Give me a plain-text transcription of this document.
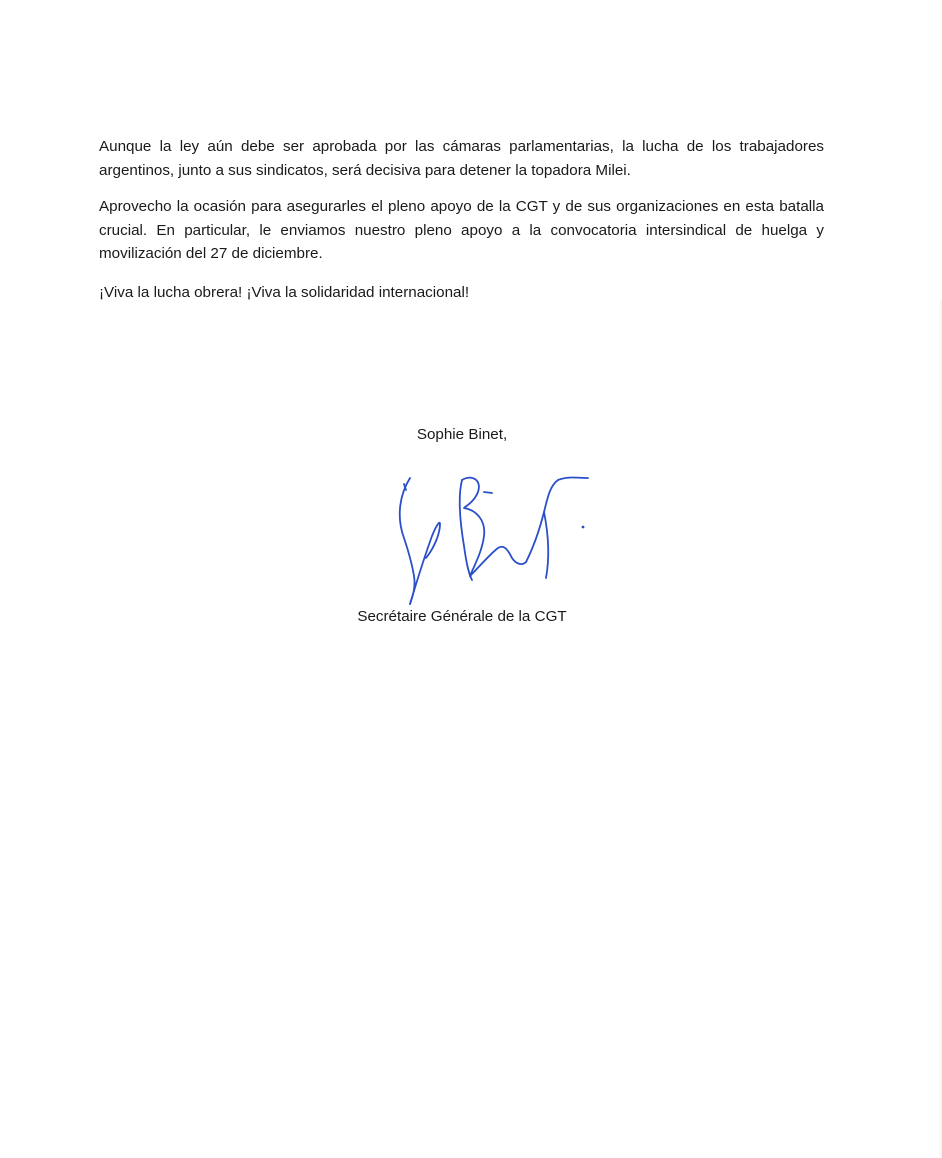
Aunque la ley aún debe ser aprobada por las cámaras parlamentarias, la lucha de los trabajadores argentinos, junto a sus sindicatos, será decisiva para detener la topadora Milei.

Aprovecho la ocasión para asegurarles el pleno apoyo de la CGT y de sus organizaciones en esta batalla crucial. En particular, le enviamos nuestro pleno apoyo a la convocatoria intersindical de huelga y movilización del 27 de diciembre.

¡Viva la lucha obrera! ¡Viva la solidaridad internacional!

Sophie Binet,

Secrétaire Générale de la CGT
